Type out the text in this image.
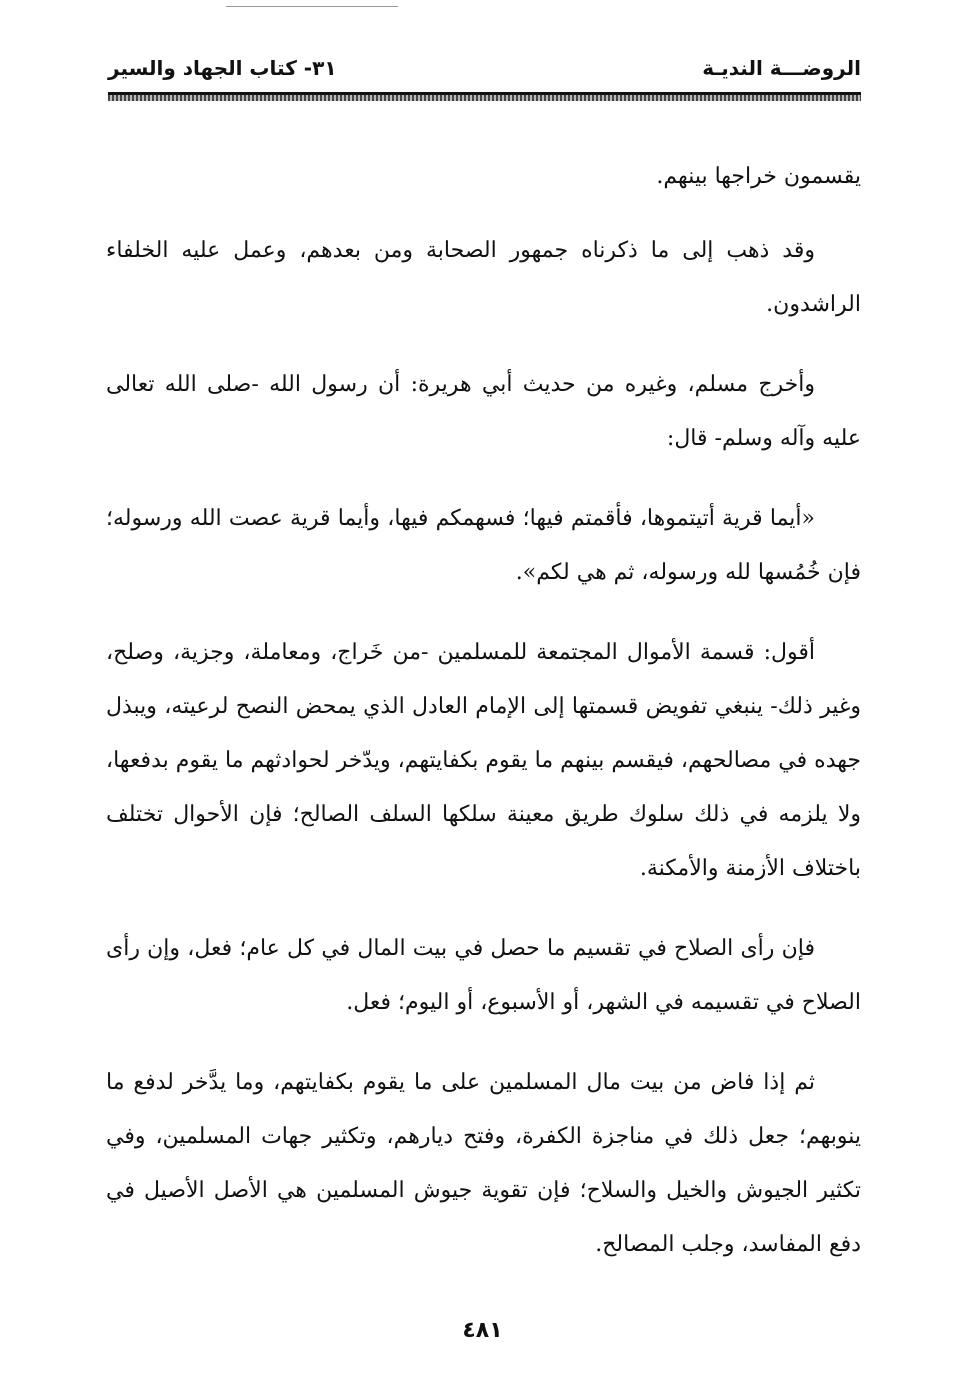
الروضـــة النديـة
٣١- كتاب الجهاد والسير

يقسمون خراجها بينهم.

وقد ذهب إلى ما ذكرناه جمهور الصحابة ومن بعدهم، وعمل عليه الخلفاء الراشدون.

وأخرج مسلم، وغيره من حديث أبي هريرة: أن رسول الله -صلى الله تعالى عليه وآله وسلم- قال:

«أيما قرية أتيتموها، فأقمتم فيها؛ فسهمكم فيها، وأيما قرية عصت الله ورسوله؛ فإن خُمُسها لله ورسوله، ثم هي لكم».

أقول: قسمة الأموال المجتمعة للمسلمين -من خَراج، ومعاملة، وجزية، وصلح، وغير ذلك- ينبغي تفويض قسمتها إلى الإمام العادل الذي يمحض النصح لرعيته، ويبذل جهده في مصالحهم، فيقسم بينهم ما يقوم بكفايتهم، ويدّخر لحوادثهم ما يقوم بدفعها، ولا يلزمه في ذلك سلوك طريق معينة سلكها السلف الصالح؛ فإن الأحوال تختلف باختلاف الأزمنة والأمكنة.

فإن رأى الصلاح في تقسيم ما حصل في بيت المال في كل عام؛ فعل، وإن رأى الصلاح في تقسيمه في الشهر، أو الأسبوع، أو اليوم؛ فعل.

ثم إذا فاض من بيت مال المسلمين على ما يقوم بكفايتهم، وما يدَّخر لدفع ما ينوبهم؛ جعل ذلك في مناجزة الكفرة، وفتح ديارهم، وتكثير جهات المسلمين، وفي تكثير الجيوش والخيل والسلاح؛ فإن تقوية جيوش المسلمين هي الأصل الأصيل في دفع المفاسد، وجلب المصالح.

٤٨١
